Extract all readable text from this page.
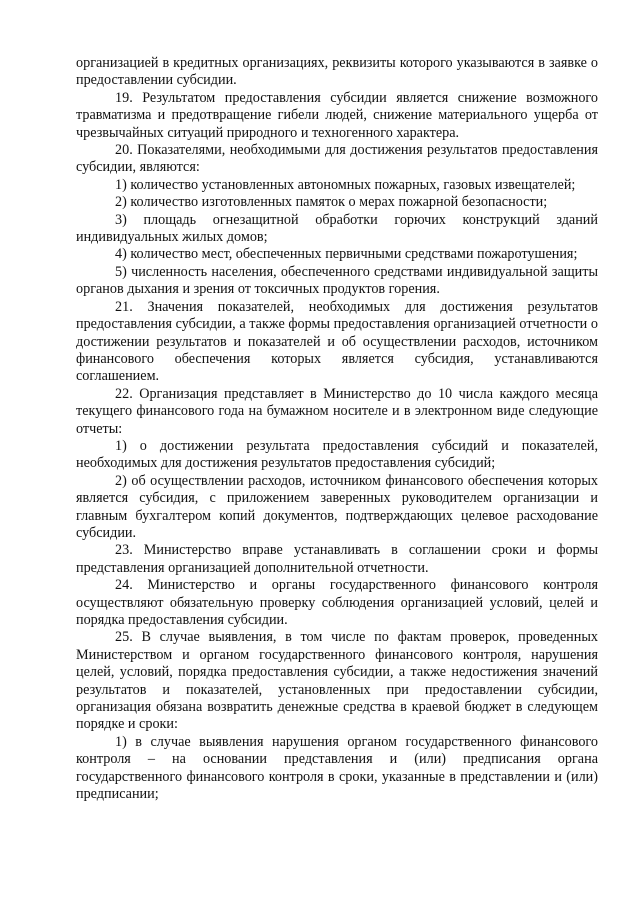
организацией в кредитных организациях, реквизиты которого указываются в заявке о предоставлении субсидии.

19. Результатом предоставления субсидии является снижение возможного травматизма и предотвращение гибели людей, снижение материального ущерба от чрезвычайных ситуаций природного и техногенного характера.

20. Показателями, необходимыми для достижения результатов предоставления субсидии, являются:

1) количество установленных автономных пожарных, газовых извещателей;

2) количество изготовленных памяток о мерах пожарной безопасности;

3) площадь огнезащитной обработки горючих конструкций зданий индивидуальных жилых домов;

4) количество мест, обеспеченных первичными средствами пожаротушения;

5) численность населения, обеспеченного средствами индивидуальной защиты органов дыхания и зрения от токсичных продуктов горения.

21. Значения показателей, необходимых для достижения результатов предоставления субсидии, а также формы предоставления организацией отчетности о достижении результатов и показателей и об осуществлении расходов, источником финансового обеспечения которых является субсидия, устанавливаются соглашением.

22. Организация представляет в Министерство до 10 числа каждого месяца текущего финансового года на бумажном носителе и в электронном виде следующие отчеты:

1) о достижении результата предоставления субсидий и показателей, необходимых для достижения результатов предоставления субсидий;

2) об осуществлении расходов, источником финансового обеспечения которых является субсидия, с приложением заверенных руководителем организации и главным бухгалтером копий документов, подтверждающих целевое расходование субсидии.

23. Министерство вправе устанавливать в соглашении сроки и формы представления организацией дополнительной отчетности.

24. Министерство и органы государственного финансового контроля осуществляют обязательную проверку соблюдения организацией условий, целей и порядка предоставления субсидии.

25. В случае выявления, в том числе по фактам проверок, проведенных Министерством и органом государственного финансового контроля, нарушения целей, условий, порядка предоставления субсидии, а также недостижения значений результатов и показателей, установленных при предоставлении субсидии, организация обязана возвратить денежные средства в краевой бюджет в следующем порядке и сроки:

1) в случае выявления нарушения органом государственного финансового контроля – на основании представления и (или) предписания органа государственного финансового контроля в сроки, указанные в представлении и (или) предписании;
